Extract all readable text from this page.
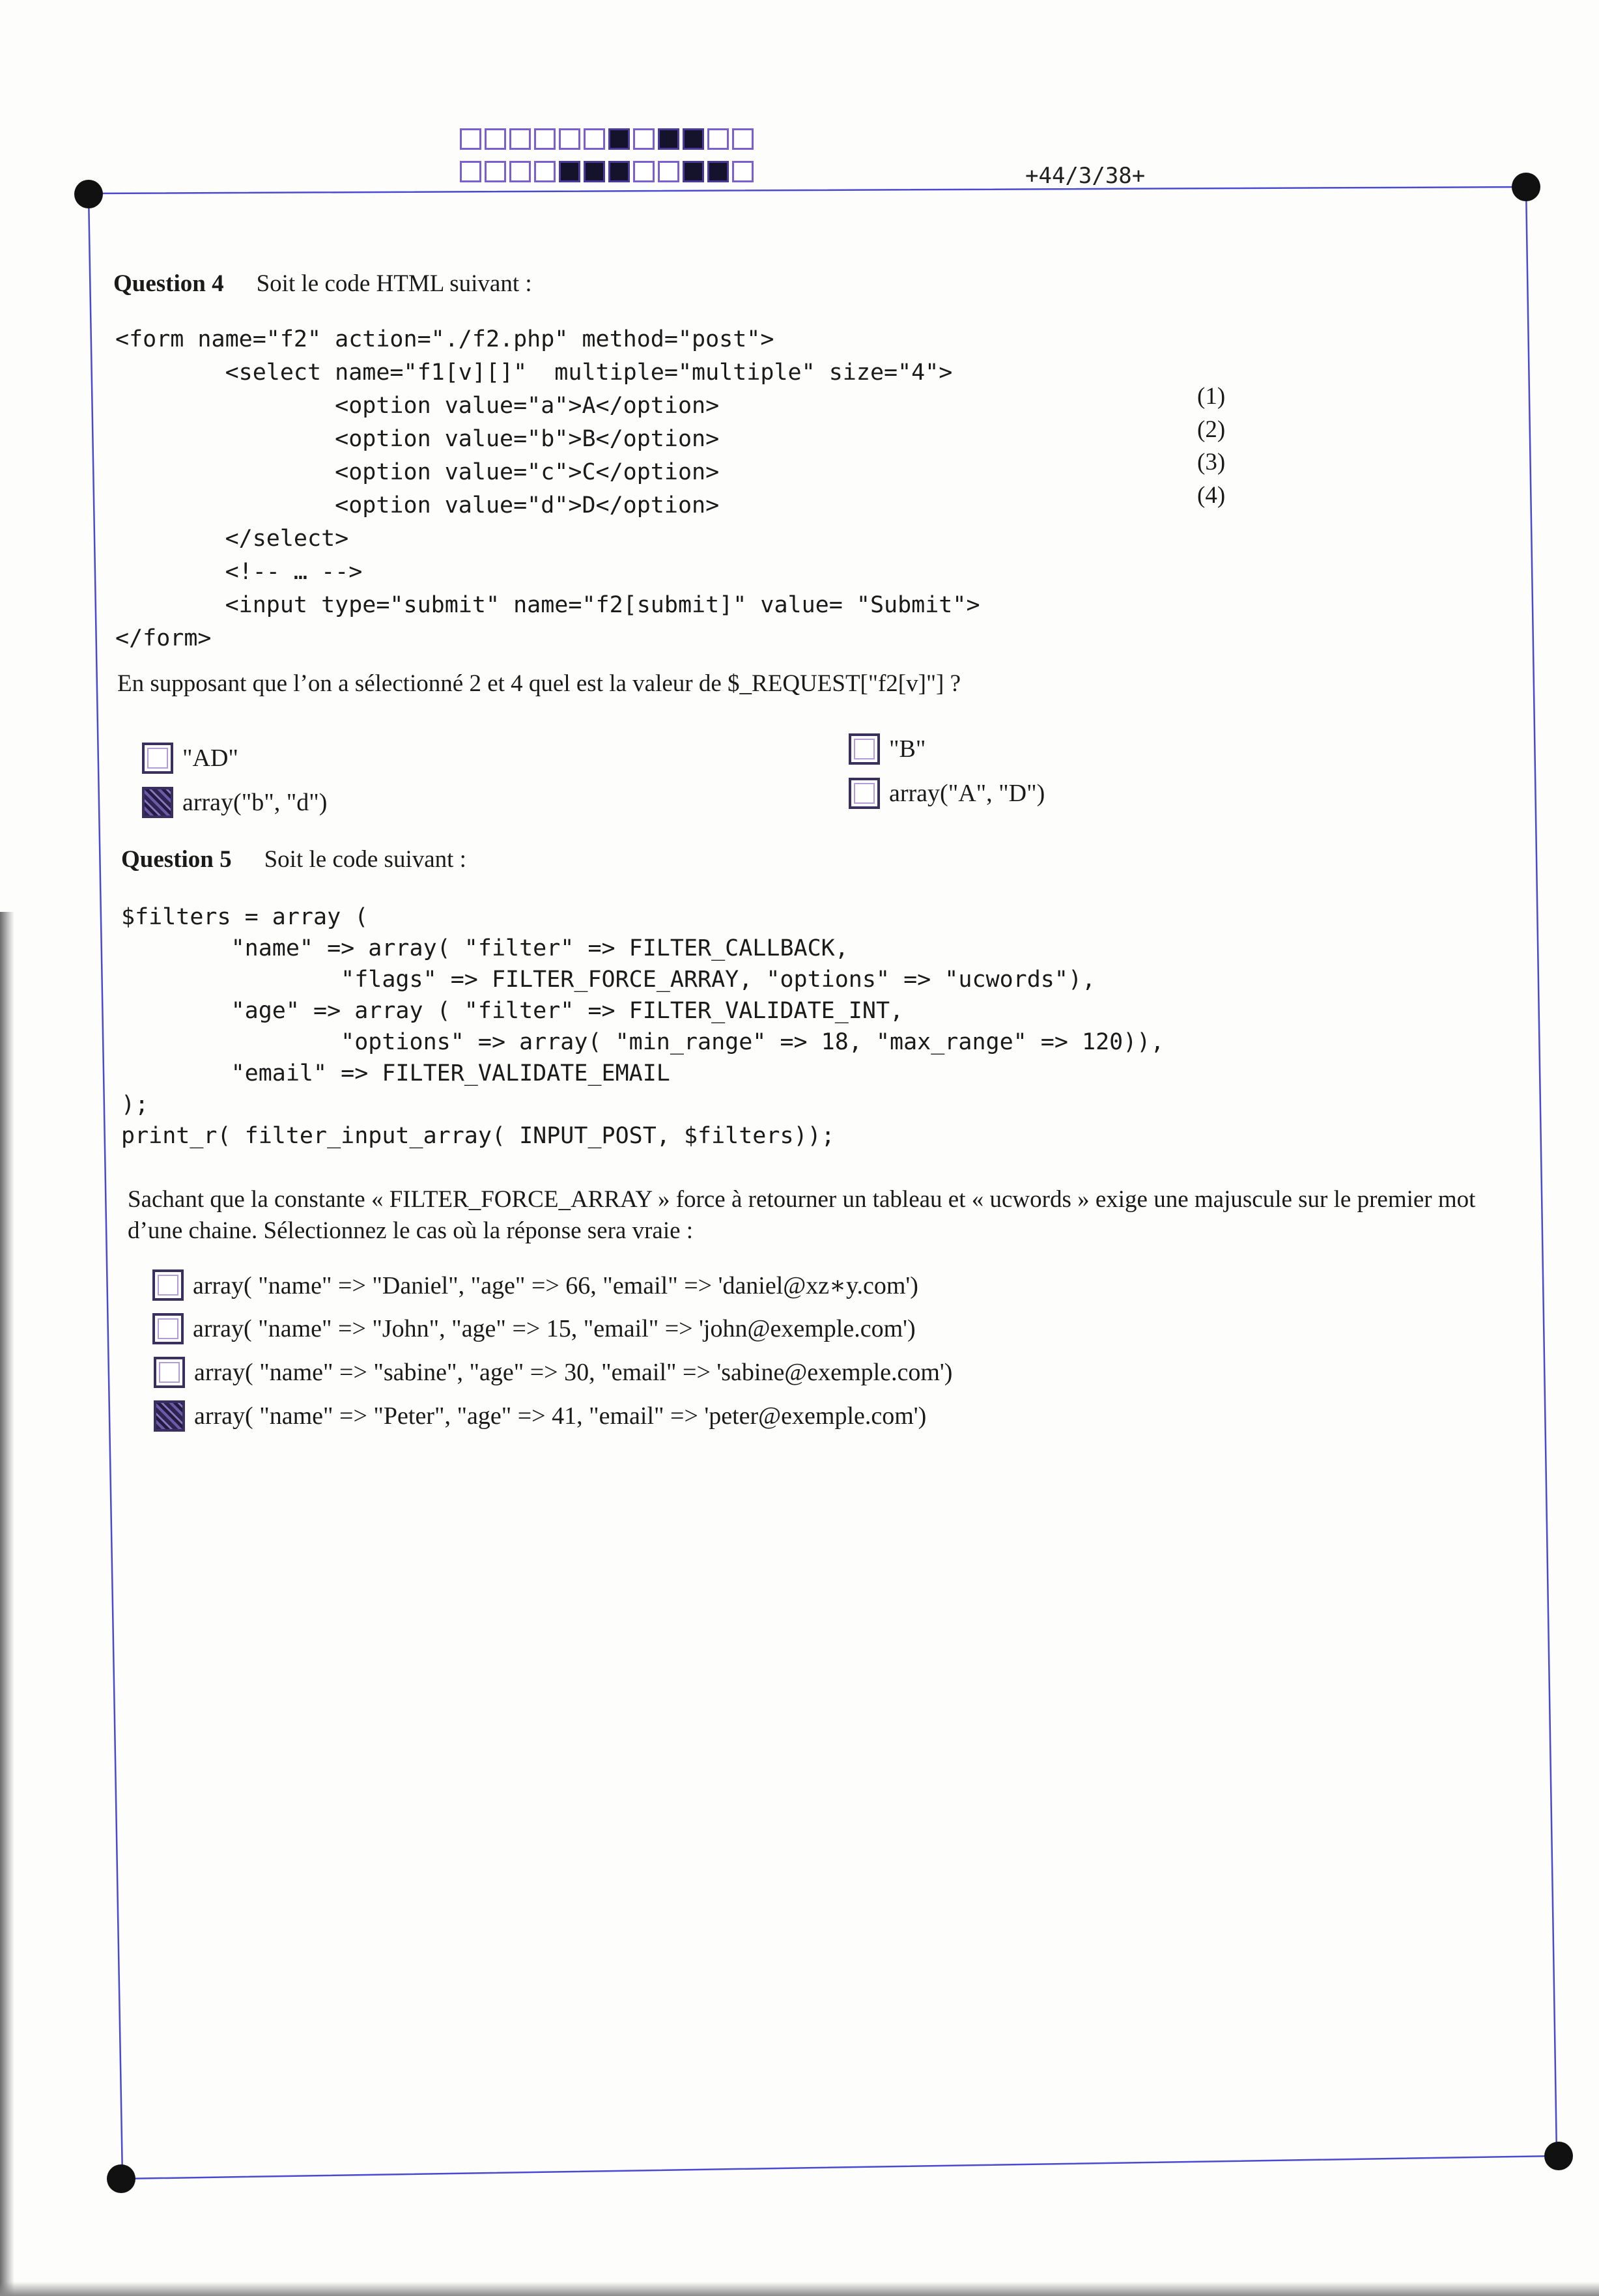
+44/3/38+
Question 4 Soit le code HTML suivant :
<form name="f2" action="./f2.php" method="post">
<select name="f1[v][]"  multiple="multiple" size="4">
<option value="a">A</option>
<option value="b">B</option>
<option value="c">C</option>
<option value="d">D</option>
</select>
<!-- … -->
<input type="submit" name="f2[submit]" value= "Submit">
</form>
(1)
(2)
(3)
(4)
En supposant que l’on a sélectionné 2 et 4 quel est la valeur de $_REQUEST["f2[v]"] ?
"AD"	"B"
array("b", "d")	array("A", "D")
Question 5 Soit le code suivant :
$filters = array (
"name" => array( "filter" => FILTER_CALLBACK,
"flags" => FILTER_FORCE_ARRAY, "options" => "ucwords"),
"age" => array ( "filter" => FILTER_VALIDATE_INT,
"options" => array( "min_range" => 18, "max_range" => 120)),
"email" => FILTER_VALIDATE_EMAIL
);
print_r( filter_input_array( INPUT_POST, $filters));
Sachant que la constante « FILTER_FORCE_ARRAY » force à retourner un tableau et « ucwords » exige une majuscule sur le premier mot d’une chaine. Sélectionnez le cas où la réponse sera vraie :
array( "name" => "Daniel", "age" => 66, "email" => 'daniel@xz∗y.com')
array( "name" => "John", "age" => 15, "email" => 'john@exemple.com')
array( "name" => "sabine", "age" => 30, "email" => 'sabine@exemple.com')
array( "name" => "Peter", "age" => 41, "email" => 'peter@exemple.com')
